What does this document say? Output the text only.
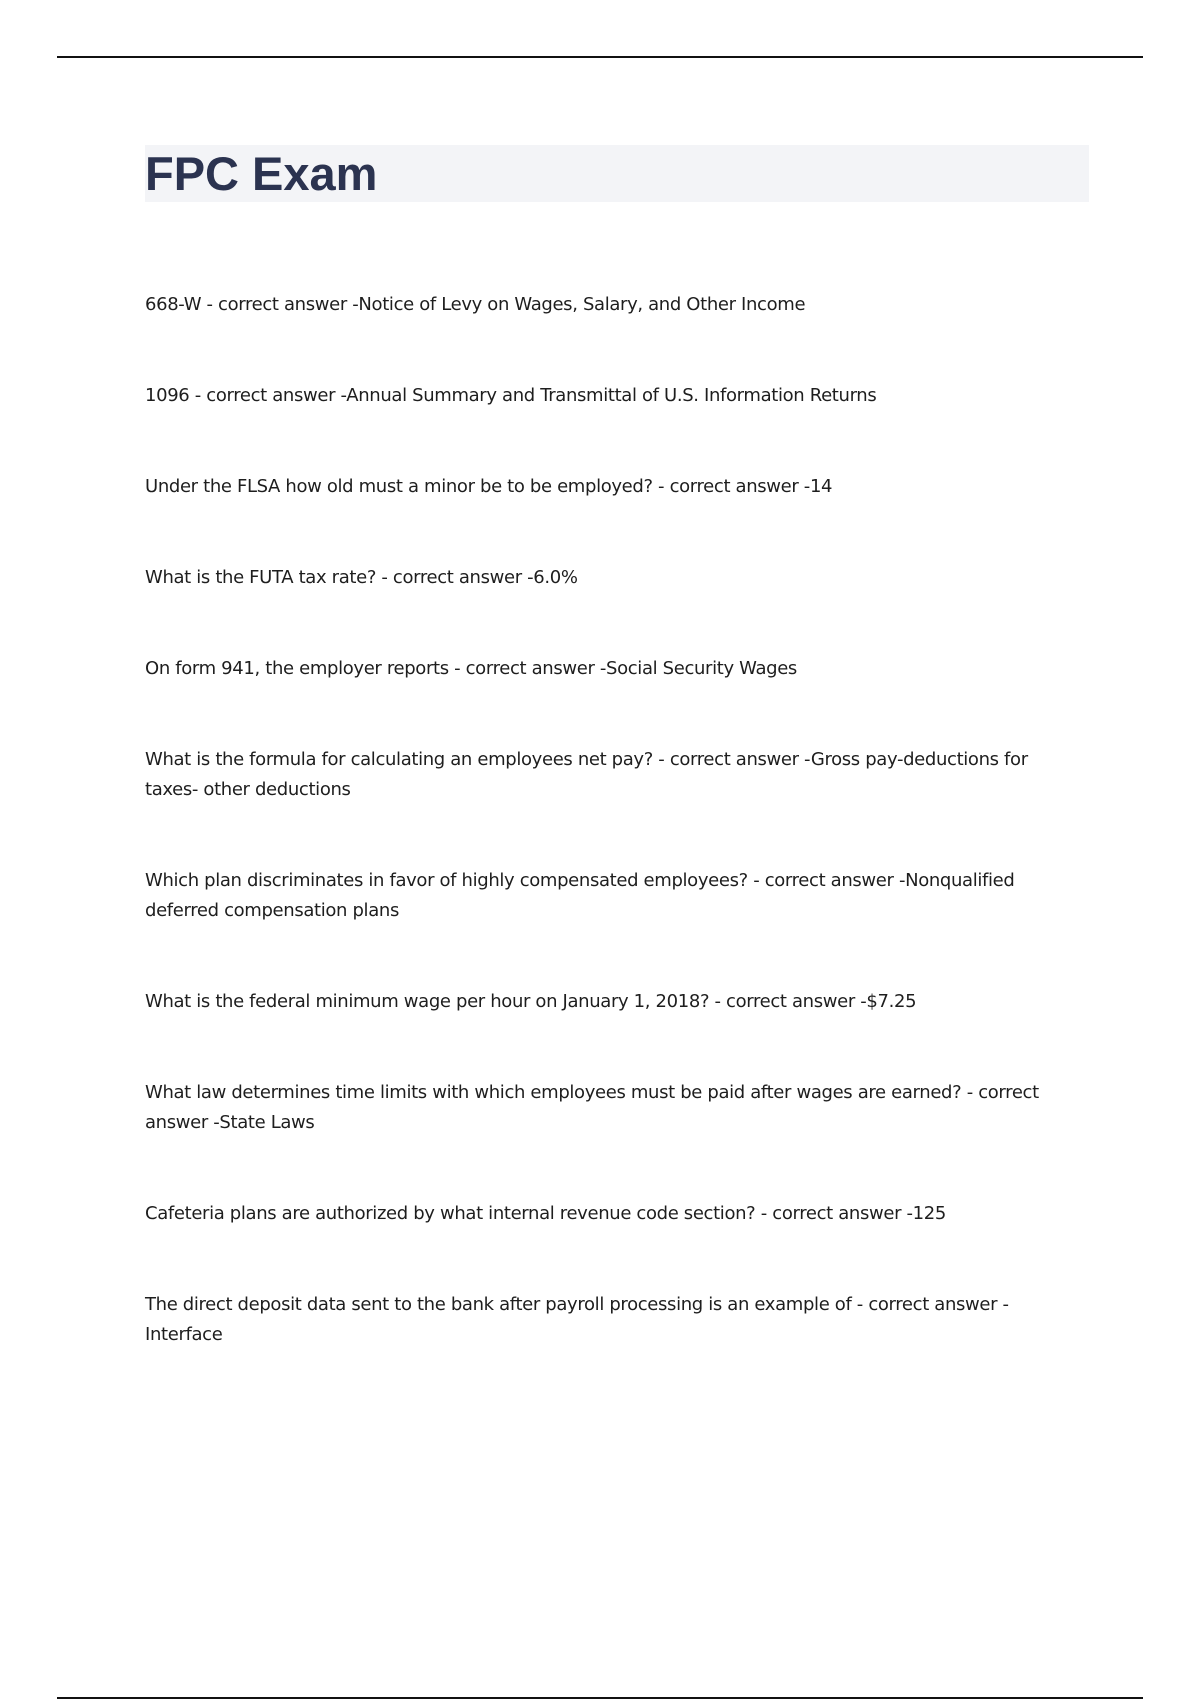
FPC Exam
668-W - correct answer -Notice of Levy on Wages, Salary, and Other Income
1096 - correct answer -Annual Summary and Transmittal of U.S. Information Returns
Under the FLSA how old must a minor be to be employed? - correct answer -14
What is the FUTA tax rate? - correct answer -6.0%
On form 941, the employer reports - correct answer -Social Security Wages
What is the formula for calculating an employees net pay? - correct answer -Gross pay-deductions for taxes- other deductions
Which plan discriminates in favor of highly compensated employees? - correct answer -Nonqualified deferred compensation plans
What is the federal minimum wage per hour on January 1, 2018? - correct answer -$7.25
What law determines time limits with which employees must be paid after wages are earned? - correct answer -State Laws
Cafeteria plans are authorized by what internal revenue code section? - correct answer -125
The direct deposit data sent to the bank after payroll processing is an example of - correct answer -Interface
